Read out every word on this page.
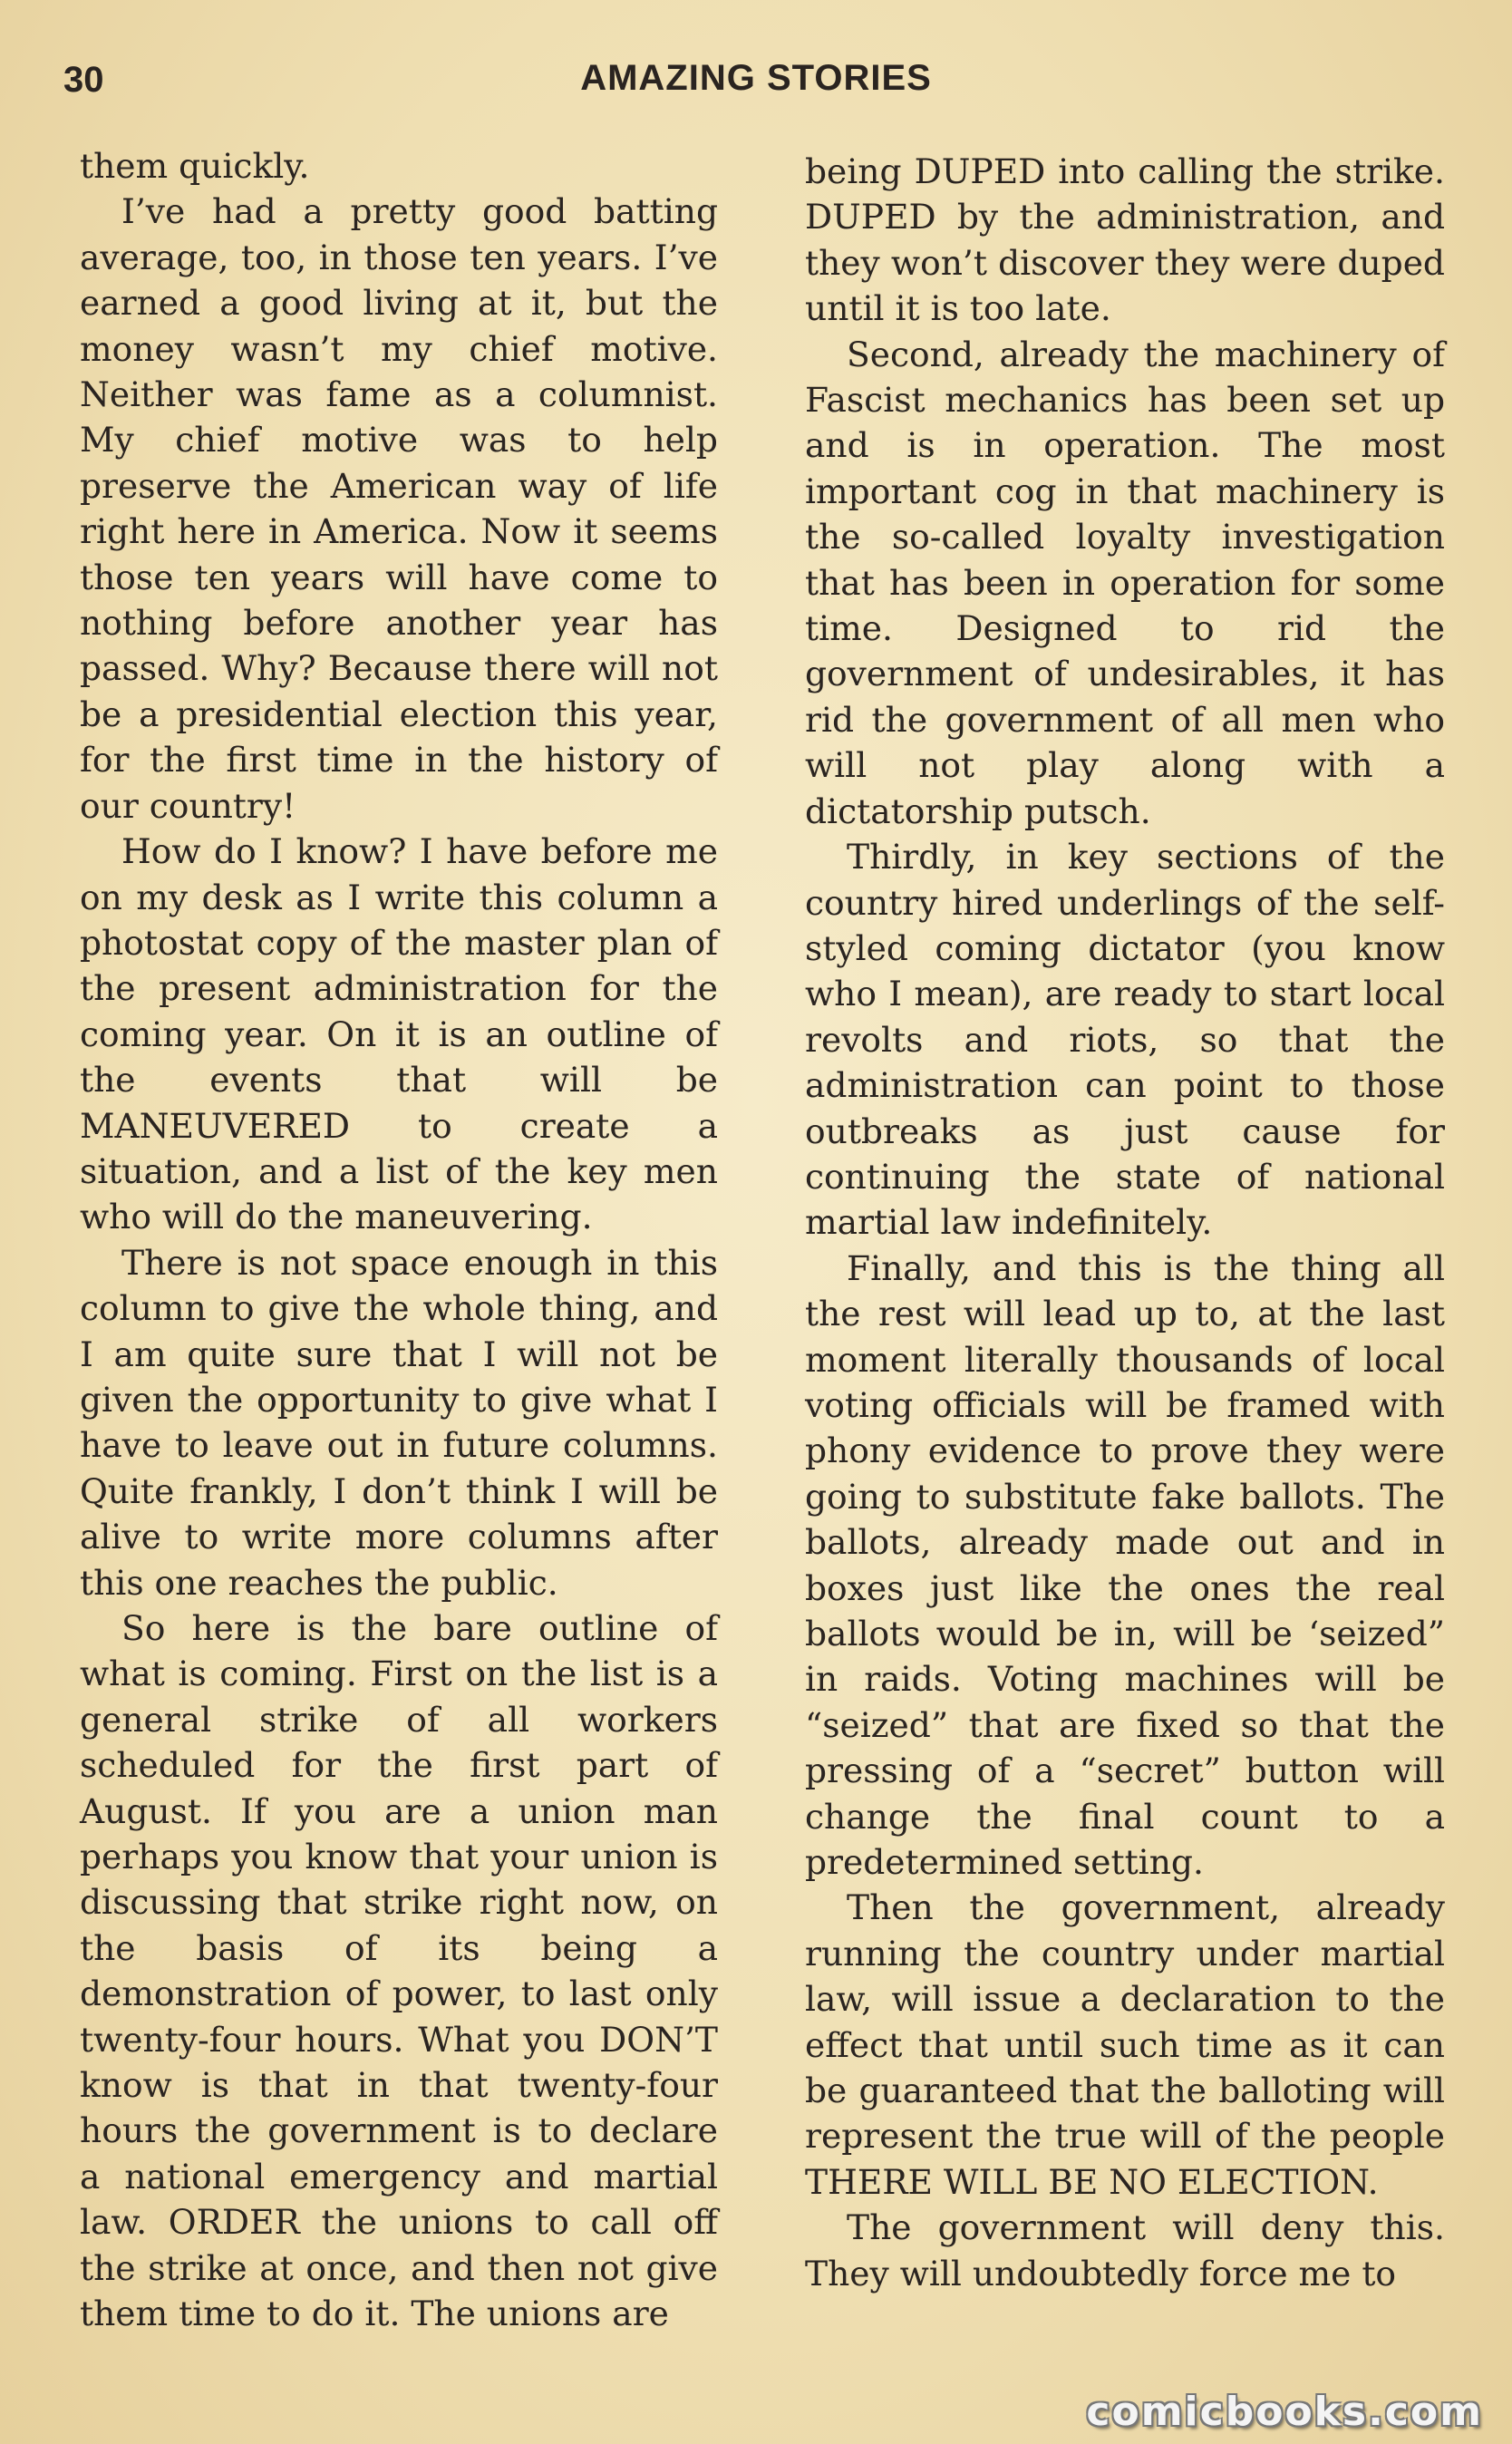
30	AMAZING STORIES

them quickly.

I’ve had a pretty good batting average, too, in those ten years. I’ve earned a good living at it, but the money wasn’t my chief motive. Neither was fame as a columnist. My chief motive was to help preserve the American way of life right here in America. Now it seems those ten years will have come to nothing before another year has passed. Why? Because there will not be a presidential election this year, for the first time in the history of our country!

How do I know? I have before me on my desk as I write this column a photostat copy of the master plan of the present administration for the coming year. On it is an outline of the events that will be MANEUVERED to create a situation, and a list of the key men who will do the maneuvering.

There is not space enough in this column to give the whole thing, and I am quite sure that I will not be given the opportunity to give what I have to leave out in future columns. Quite frankly, I don’t think I will be alive to write more columns after this one reaches the public.

So here is the bare outline of what is coming. First on the list is a general strike of all workers scheduled for the first part of August. If you are a union man perhaps you know that your union is discussing that strike right now, on the basis of its being a demonstration of power, to last only twenty-four hours. What you DON’T know is that in that twenty-four hours the government is to declare a national emergency and martial law. ORDER the unions to call off the strike at once, and then not give them time to do it. The unions are

being DUPED into calling the strike. DUPED by the administration, and they won’t discover they were duped until it is too late.

Second, already the machinery of Fascist mechanics has been set up and is in operation. The most important cog in that machinery is the so-called loyalty investigation that has been in operation for some time. Designed to rid the government of undesirables, it has rid the government of all men who will not play along with a dictatorship putsch.

Thirdly, in key sections of the country hired underlings of the self-styled coming dictator (you know who I mean), are ready to start local revolts and riots, so that the administration can point to those outbreaks as just cause for continuing the state of national martial law indefinitely.

Finally, and this is the thing all the rest will lead up to, at the last moment literally thousands of local voting officials will be framed with phony evidence to prove they were going to substitute fake ballots. The ballots, already made out and in boxes just like the ones the real ballots would be in, will be ‘seized” in raids. Voting machines will be “seized” that are fixed so that the pressing of a “secret” button will change the final count to a predetermined setting.

Then the government, already running the country under martial law, will issue a declaration to the effect that until such time as it can be guaranteed that the balloting will represent the true will of the people THERE WILL BE NO ELECTION.

The government will deny this. They will undoubtedly force me to

comicbooks.com
